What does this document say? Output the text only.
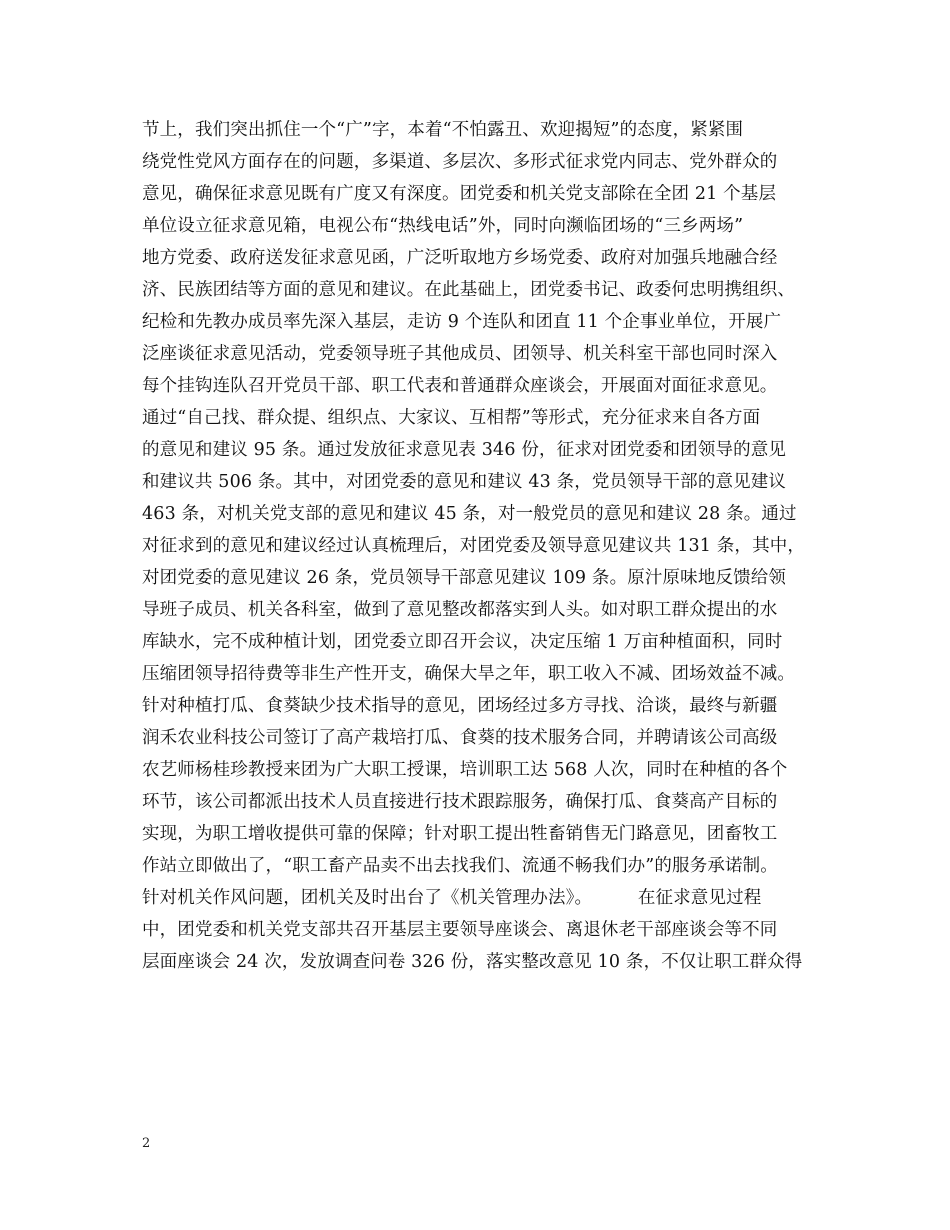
节上，我们突出抓住一个“广”字，本着“不怕露丑、欢迎揭短”的态度，紧紧围
绕党性党风方面存在的问题，多渠道、多层次、多形式征求党内同志、党外群众的
意见，确保征求意见既有广度又有深度。团党委和机关党支部除在全团 21 个基层
单位设立征求意见箱，电视公布“热线电话”外，同时向濒临团场的“三乡两场”
地方党委、政府送发征求意见函，广泛听取地方乡场党委、政府对加强兵地融合经
济、民族团结等方面的意见和建议。在此基础上，团党委书记、政委何忠明携组织、
纪检和先教办成员率先深入基层，走访 9 个连队和团直 11 个企事业单位，开展广
泛座谈征求意见活动，党委领导班子其他成员、团领导、机关科室干部也同时深入
每个挂钩连队召开党员干部、职工代表和普通群众座谈会，开展面对面征求意见。
通过“自己找、群众提、组织点、大家议、互相帮”等形式，充分征求来自各方面
的意见和建议 95 条。通过发放征求意见表 346 份，征求对团党委和团领导的意见
和建议共 506 条。其中，对团党委的意见和建议 43 条，党员领导干部的意见建议
463 条，对机关党支部的意见和建议 45 条，对一般党员的意见和建议 28 条。通过
对征求到的意见和建议经过认真梳理后，对团党委及领导意见建议共 131 条，其中，
对团党委的意见建议 26 条，党员领导干部意见建议 109 条。原汁原味地反馈给领
导班子成员、机关各科室，做到了意见整改都落实到人头。如对职工群众提出的水
库缺水，完不成种植计划，团党委立即召开会议，决定压缩 1 万亩种植面积，同时
压缩团领导招待费等非生产性开支，确保大旱之年，职工收入不减、团场效益不减。
针对种植打瓜、食葵缺少技术指导的意见，团场经过多方寻找、洽谈，最终与新疆
润禾农业科技公司签订了高产栽培打瓜、食葵的技术服务合同，并聘请该公司高级
农艺师杨桂珍教授来团为广大职工授课，培训职工达 568 人次，同时在种植的各个
环节，该公司都派出技术人员直接进行技术跟踪服务，确保打瓜、食葵高产目标的
实现，为职工增收提供可靠的保障；针对职工提出牲畜销售无门路意见，团畜牧工
作站立即做出了，“职工畜产品卖不出去找我们、流通不畅我们办”的服务承诺制。
针对机关作风问题，团机关及时出台了《机关管理办法》。        在征求意见过程
中，团党委和机关党支部共召开基层主要领导座谈会、离退休老干部座谈会等不同
层面座谈会 24 次，发放调查问卷 326 份，落实整改意见 10 条，不仅让职工群众得
2
